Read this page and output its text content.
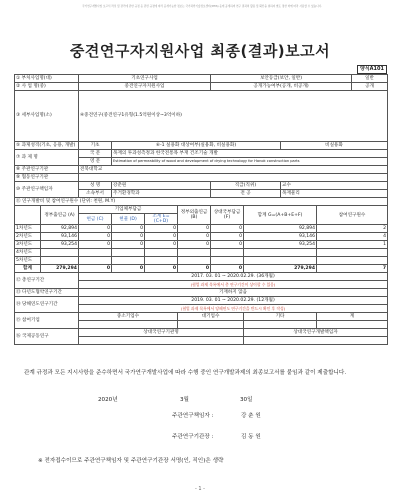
국가연구개발사업 보고서 작성 및 관리에 관한 규정 등 관련 규정에 따라 공개가능한 정보는 국가과학기술정보센터(NTIS) 등에 공개하며 연구 결과의 활용 및 확산을 위하여 별도 정한 바에 따라 사용할 수 있습니다.
중견연구자지원사업 최종(결과)보고서
양식A101
① 부처사업명(대)		기초연구사업				보안등급(보안, 일반)				일반
② 사 업 명(중)		중견연구자지원사업				공개가능여부(공개, 비공개)				공개
③ 세부사업명(소)		④중견연구(중견연구1유형(1.5억원이상~3억이하)								
⑤ 과제성격(기초, 응용, 개발)		기초	⑥-1 실용화 대상여부(실용화, 비실용화)					비실용화		
⑦ 과 제 명		국 문	목재의 투과성측정과 한국전통목 부재 건조기술 개발							
		영 문	Estimation of permeability of wood and development of drying technology for Hanok construction parts							
⑧ 주관연구기관		전북대학교								
⑨ 협동연구기관										
⑩ 주관연구책임자		성 명	강춘원			직급(직위)		교수		
		소속부서	주거환경학과			전 공		목재물리		
⑪ 연구개발비 및 참여연구원수 (단위: 천원, M.Y)										
	정부출연금 (A)	기업체부담금			정부외출연금 (B)	상대국부담금 (F)	합계 G=(A+B+E+F)		참여연구원수	
		현금 (C)	현물 (D)	소계 E=(C+D)						
1차년도	92,894	0	0	0	0	0	92,894		2	
2차년도	93,146	0	0	0	0	0	93,146		4	
3차년도	93,254	0	0	0	0	0	93,254		1	
4차년도										
5차년도										
합계	279,294	0	0	0	0	0	279,294		7	
⑫ 총연구기간		2017. 03. 01 ~ 2020.02.29. (36개월)								
		(협업 과제 목록에서 총 연구기간이 상이할 수 있음)								
⑬ 다년도협약연구기간		기재하지 않음								
⑭ 당해연도연구기간		2019. 03. 01 ~ 2020.02.29. (12개월)								
		(협업 과제 목록에서 당해연도 연구기간을 반드시 확인 후 작성)								
⑮ 참여기업		중소기업수			대기업수		기타		계	

⑯ 국제공동연구		상대국연구기관명					상대국연구개발책임자			

관계 규정과 모든 지시사항을 준수하면서 국가연구개발사업에 따라 수행 중인 연구개발과제의 최종보고서를 붙임과 같이 제출합니다.
2020년	3월	30일
주관연구책임자 :	강 춘 원
주관연구기관장 :	김 동 원
※ 전자접수이므로 주관연구책임자 및 주관연구기관장 서명(인, 직인)은 생략
- 1 -
